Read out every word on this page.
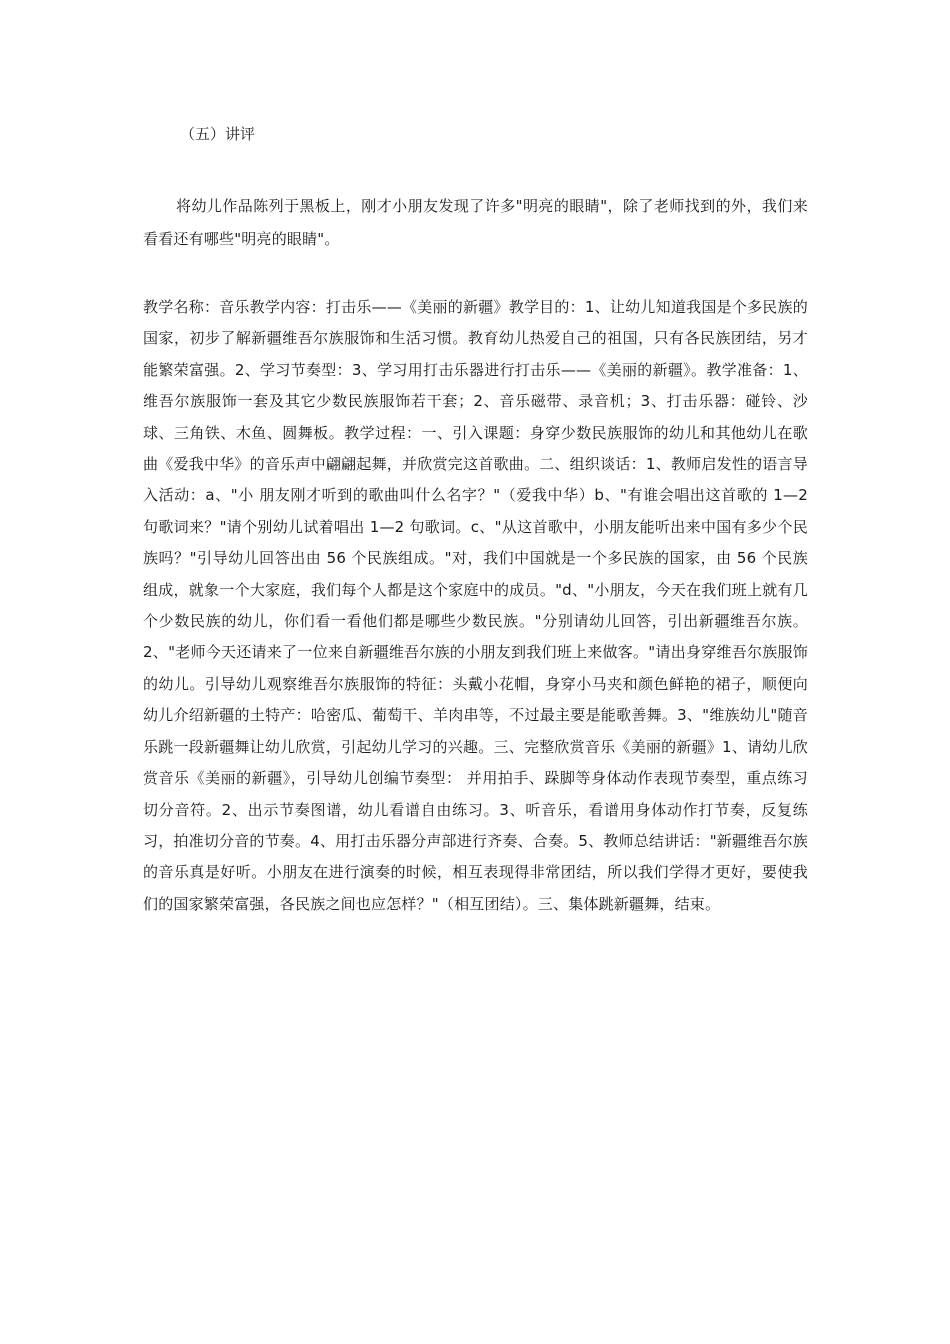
（五）讲评

将幼儿作品陈列于黑板上，刚才小朋友发现了许多"明亮的眼睛"，除了老师找到的外，我们来看看还有哪些"明亮的眼睛"。

教学名称：音乐教学内容：打击乐——《美丽的新疆》教学目的：1、让幼儿知道我国是个多民族的国家，初步了解新疆维吾尔族服饰和生活习惯。教育幼儿热爱自己的祖国，只有各民族团结，另才能繁荣富强。2、学习节奏型：3、学习用打击乐器进行打击乐——《美丽的新疆》。教学准备：1、维吾尔族服饰一套及其它少数民族服饰若干套；2、音乐磁带、录音机；3、打击乐器：碰铃、沙球、三角铁、木鱼、圆舞板。教学过程：一、引入课题：身穿少数民族服饰的幼儿和其他幼儿在歌曲《爱我中华》的音乐声中翩翩起舞，并欣赏完这首歌曲。二、组织谈话：1、教师启发性的语言导入活动：a、"小 朋友刚才听到的歌曲叫什么名字？"（爱我中华）b、"有谁会唱出这首歌的 1—2 句歌词来？"请个别幼儿试着唱出 1—2 句歌词。c、"从这首歌中，小朋友能听出来中国有多少个民族吗？"引导幼儿回答出由 56 个民族组成。"对，我们中国就是一个多民族的国家，由 56 个民族组成，就象一个大家庭，我们每个人都是这个家庭中的成员。"d、"小朋友，今天在我们班上就有几个少数民族的幼儿，你们看一看他们都是哪些少数民族。"分别请幼儿回答，引出新疆维吾尔族。2、"老师今天还请来了一位来自新疆维吾尔族的小朋友到我们班上来做客。"请出身穿维吾尔族服饰的幼儿。引导幼儿观察维吾尔族服饰的特征：头戴小花帽，身穿小马夹和颜色鲜艳的裙子，顺便向幼儿介绍新疆的土特产：哈密瓜、葡萄干、羊肉串等，不过最主要是能歌善舞。3、"维族幼儿"随音乐跳一段新疆舞让幼儿欣赏，引起幼儿学习的兴趣。三、完整欣赏音乐《美丽的新疆》1、请幼儿欣赏音乐《美丽的新疆》，引导幼儿创编节奏型： 并用拍手、跺脚等身体动作表现节奏型，重点练习切分音符。2、出示节奏图谱，幼儿看谱自由练习。3、听音乐，看谱用身体动作打节奏，反复练习，拍准切分音的节奏。4、用打击乐器分声部进行齐奏、合奏。5、教师总结讲话："新疆维吾尔族的音乐真是好听。小朋友在进行演奏的时候，相互表现得非常团结，所以我们学得才更好，要使我们的国家繁荣富强，各民族之间也应怎样？"（相互团结）。三、集体跳新疆舞，结束。
